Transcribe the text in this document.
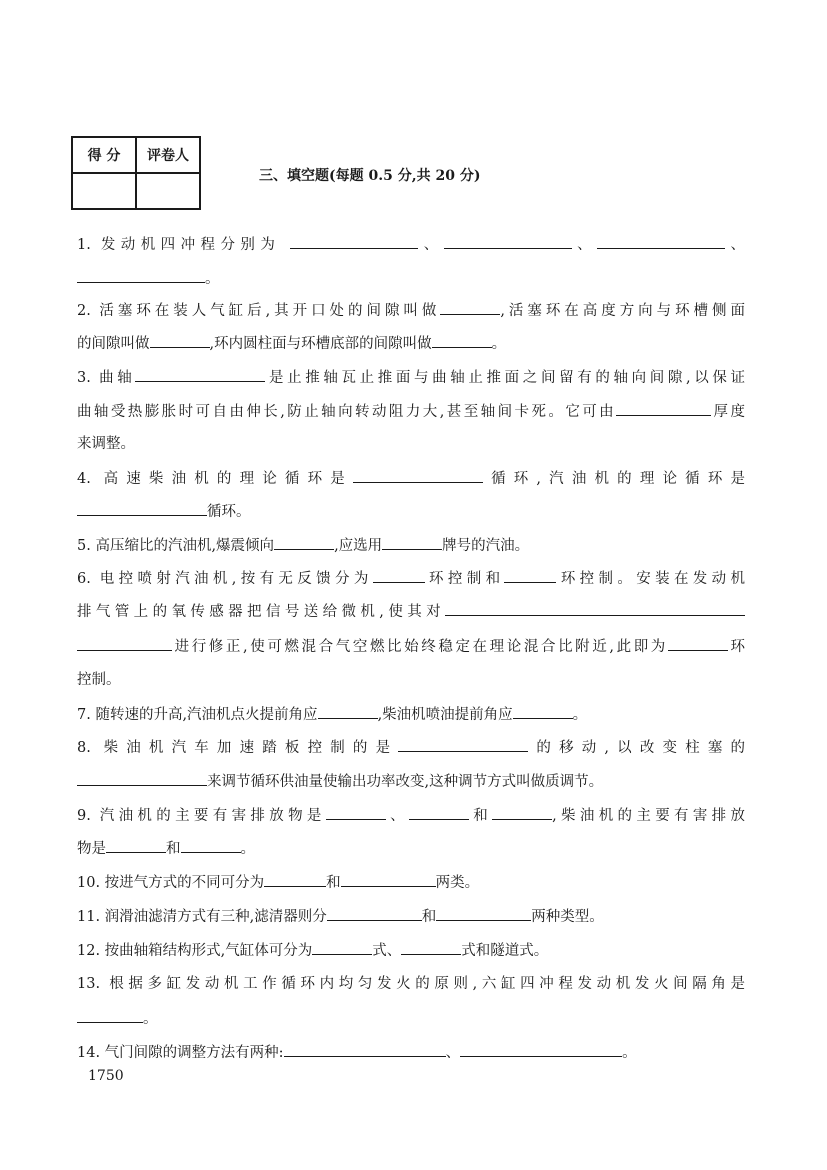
得 分	评卷人

三、填空题(每题 0.5 分,共 20 分)
1. 发动机四冲程分别为	、	、	、
。
2. 活塞环在装人气缸后,其开口处的间隙叫做	,活塞环在高度方向与环槽侧面
的间隙叫做	,环内圆柱面与环槽底部的间隙叫做	。
3. 曲轴	是止推轴瓦止推面与曲轴止推面之间留有的轴向间隙,以保证
曲轴受热膨胀时可自由伸长,防止轴向转动阻力大,甚至轴间卡死。它可由	厚度
来调整。
4. 高速柴油机的理论循环是	循环,汽油机的理论循环是
循环。
5. 高压缩比的汽油机,爆震倾向	,应选用	牌号的汽油。
6. 电控喷射汽油机,按有无反馈分为	环控制和	环控制。安装在发动机
排气管上的氧传感器把信号送给微机,使其对
进行修正,使可燃混合气空燃比始终稳定在理论混合比附近,此即为	环
控制。
7. 随转速的升高,汽油机点火提前角应	,柴油机喷油提前角应	。
8. 柴油机汽车加速踏板控制的是	的移动,以改变柱塞的
来调节循环供油量使输出功率改变,这种调节方式叫做质调节。
9. 汽油机的主要有害排放物是	、	和	,柴油机的主要有害排放
物是	和	。
10. 按进气方式的不同可分为	和	两类。
11. 润滑油滤清方式有三种,滤清器则分	和	两种类型。
12. 按曲轴箱结构形式,气缸体可分为	式、	式和隧道式。
13. 根据多缸发动机工作循环内均匀发火的原则,六缸四冲程发动机发火间隔角是
。
14. 气门间隙的调整方法有两种:	、	。
1750
